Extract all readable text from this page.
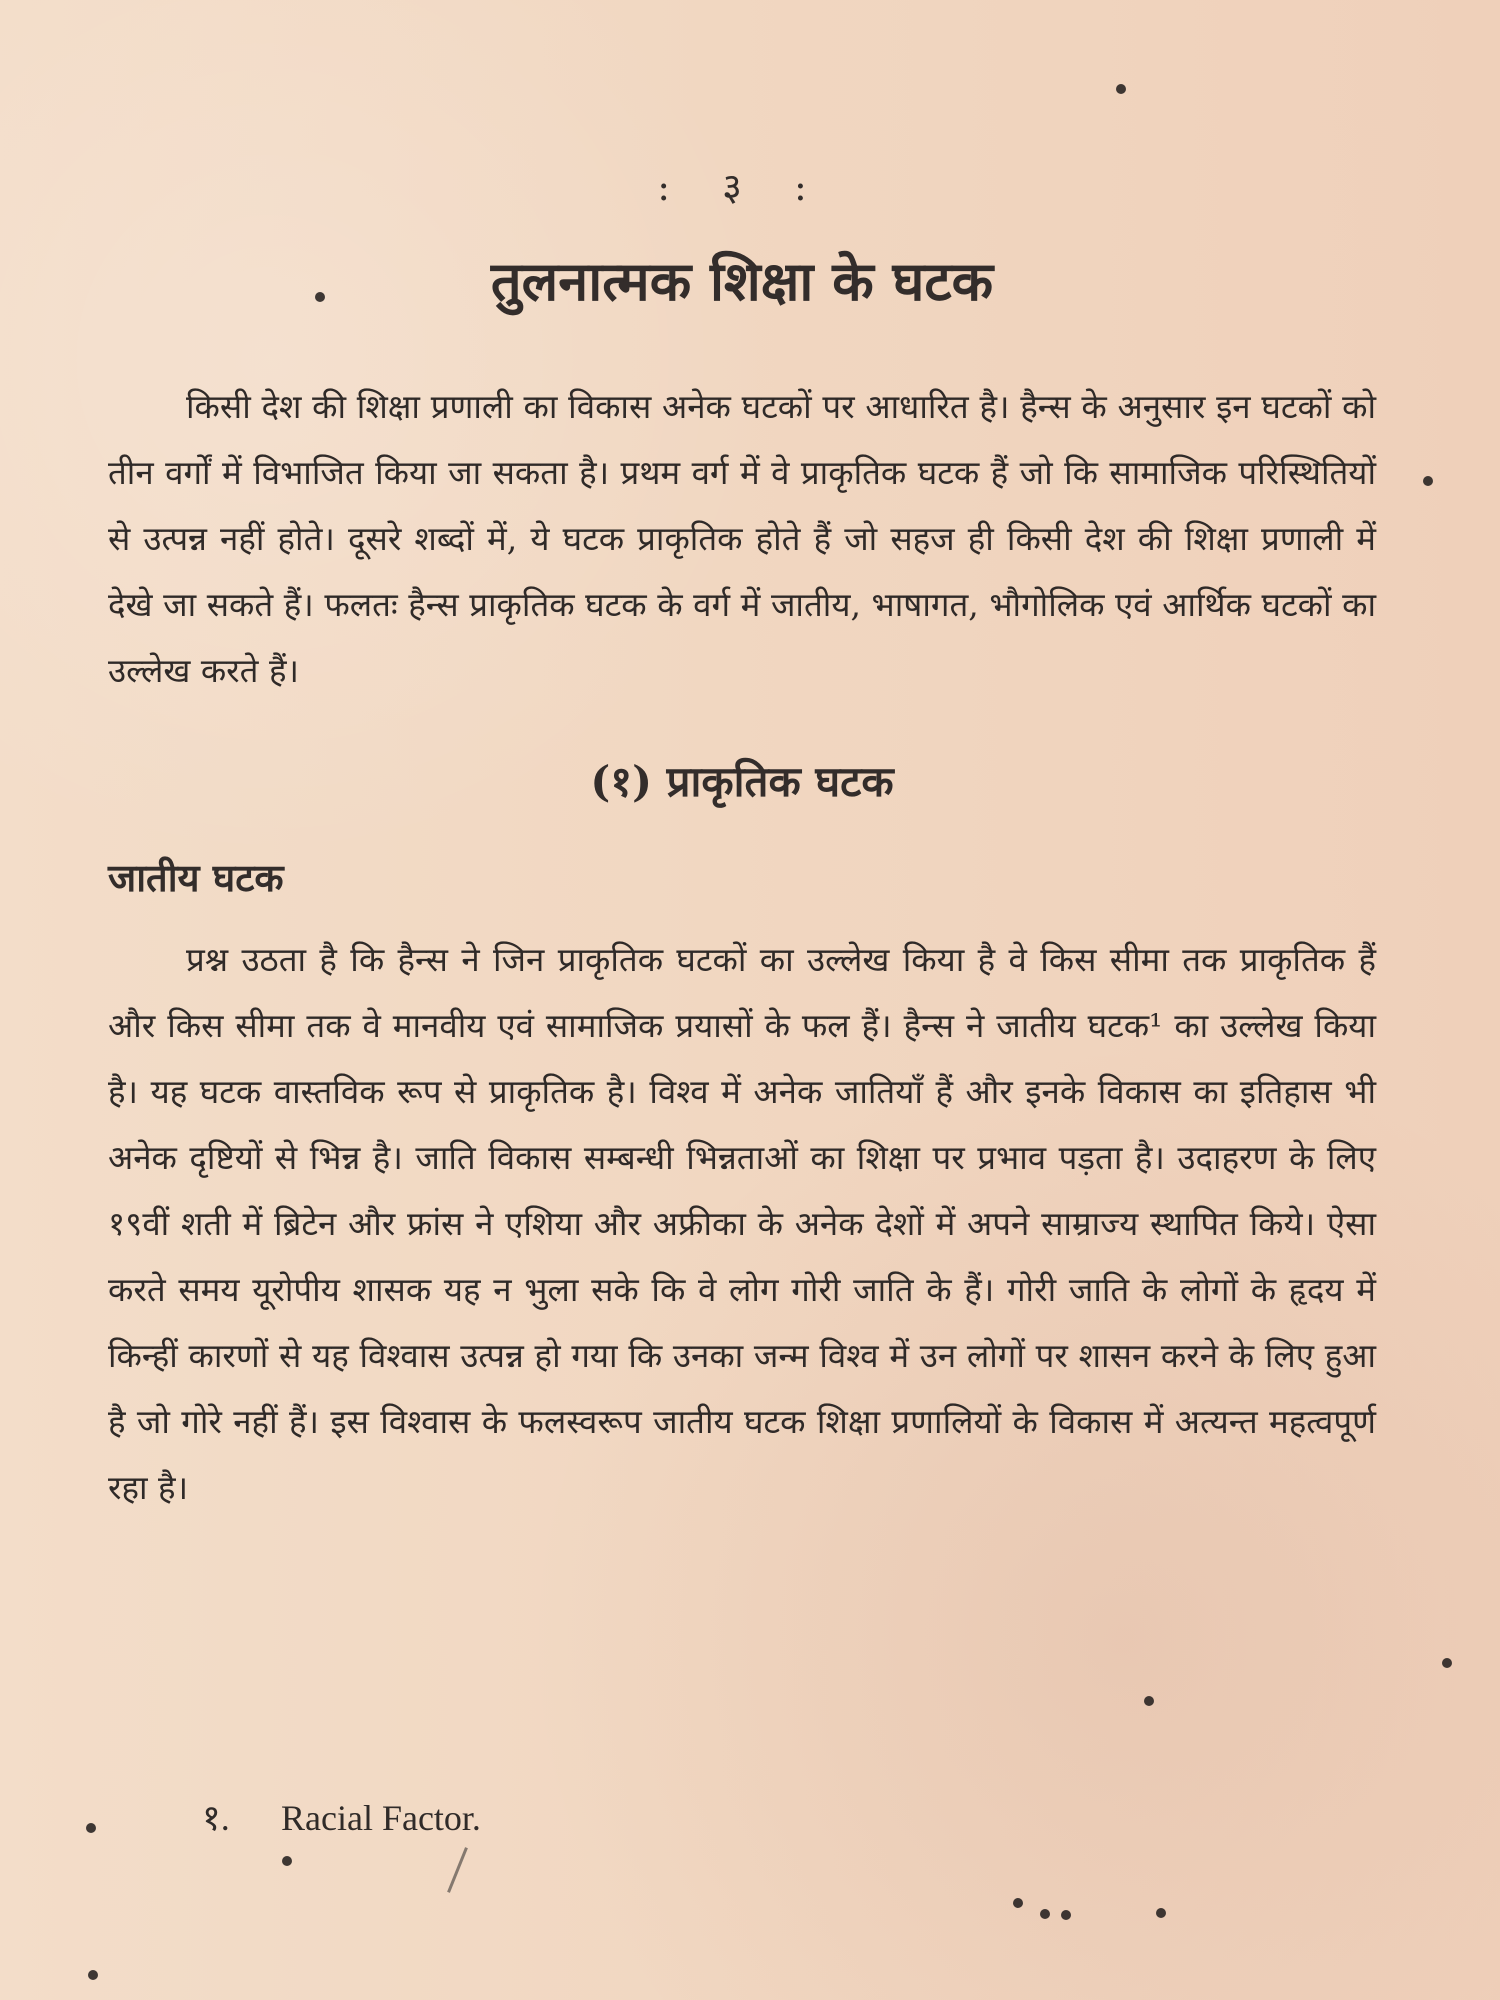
: ३ :
तुलनात्मक शिक्षा के घटक

किसी देश की शिक्षा प्रणाली का विकास अनेक घटकों पर आधारित है। हैन्स के अनुसार इन घटकों को तीन वर्गों में विभाजित किया जा सकता है। प्रथम वर्ग में वे प्राकृतिक घटक हैं जो कि सामाजिक परिस्थितियों से उत्पन्न नहीं होते। दूसरे शब्दों में, ये घटक प्राकृतिक होते हैं जो सहज ही किसी देश की शिक्षा प्रणाली में देखे जा सकते हैं। फलतः हैन्स प्राकृतिक घटक के वर्ग में जातीय, भाषागत, भौगोलिक एवं आर्थिक घटकों का उल्लेख करते हैं।

(१) प्राकृतिक घटक
जातीय घटक

प्रश्न उठता है कि हैन्स ने जिन प्राकृतिक घटकों का उल्लेख किया है वे किस सीमा तक प्राकृतिक हैं और किस सीमा तक वे मानवीय एवं सामाजिक प्रयासों के फल हैं। हैन्स ने जातीय घटक¹ का उल्लेख किया है। यह घटक वास्तविक रूप से प्राकृतिक है। विश्व में अनेक जातियाँ हैं और इनके विकास का इतिहास भी अनेक दृष्टियों से भिन्न है। जाति विकास सम्बन्धी भिन्नताओं का शिक्षा पर प्रभाव पड़ता है। उदाहरण के लिए १९वीं शती में ब्रिटेन और फ्रांस ने एशिया और अफ्रीका के अनेक देशों में अपने साम्राज्य स्थापित किये। ऐसा करते समय यूरोपीय शासक यह न भुला सके कि वे लोग गोरी जाति के हैं। गोरी जाति के लोगों के हृदय में किन्हीं कारणों से यह विश्वास उत्पन्न हो गया कि उनका जन्म विश्व में उन लोगों पर शासन करने के लिए हुआ है जो गोरे नहीं हैं। इस विश्वास के फलस्वरूप जातीय घटक शिक्षा प्रणालियों के विकास में अत्यन्त महत्वपूर्ण रहा है।

१. Racial Factor.
